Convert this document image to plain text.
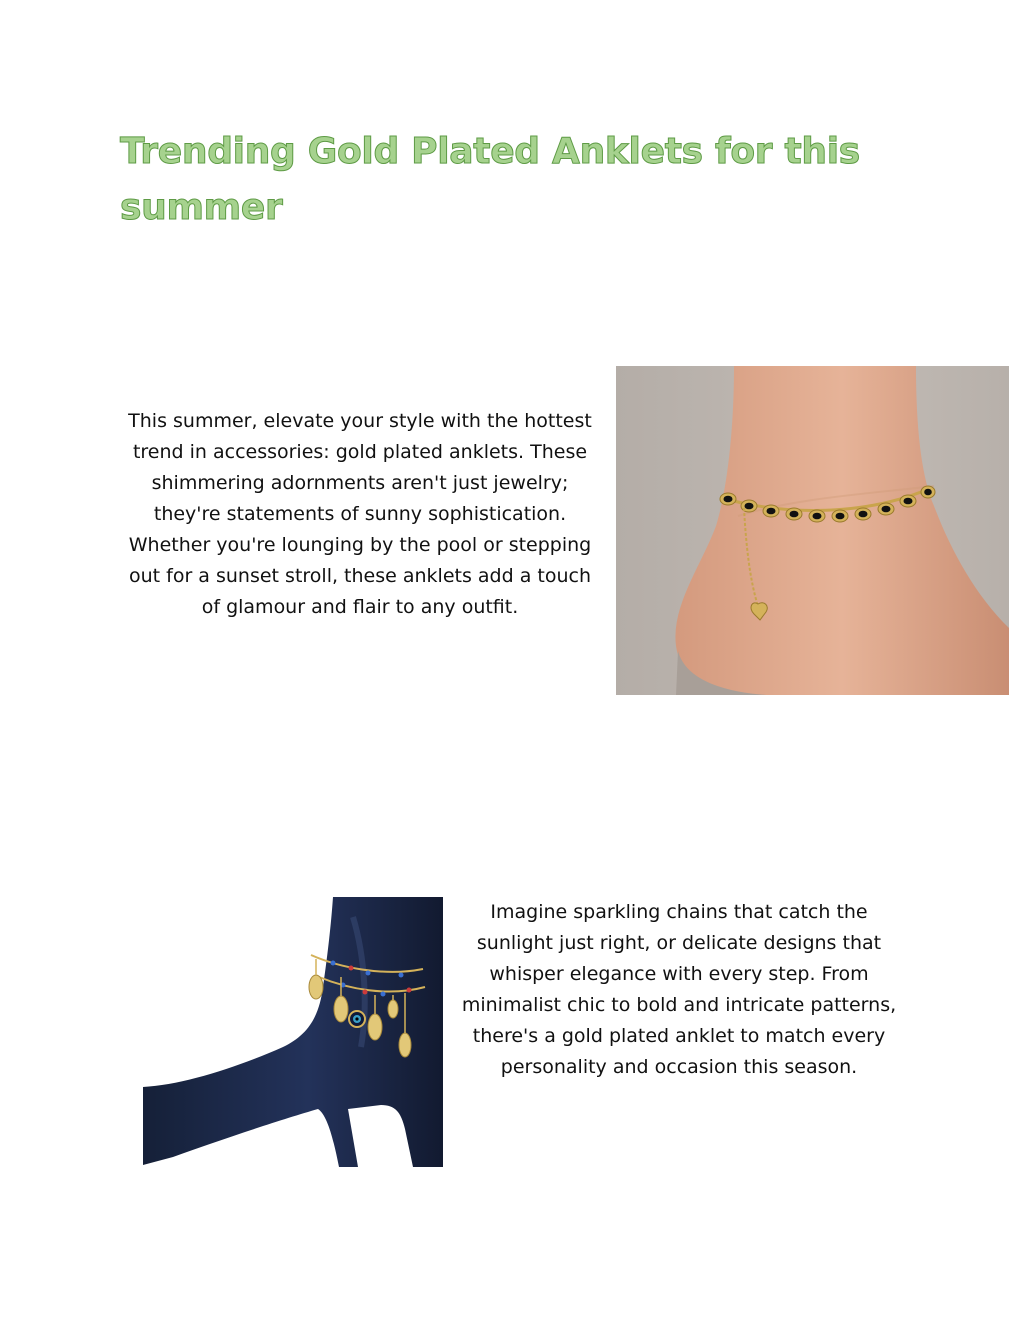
Trending Gold Plated Anklets for this summer

This summer, elevate your style with the hottest trend in accessories: gold plated anklets. These shimmering adornments aren't just jewelry; they're statements of sunny sophistication. Whether you're lounging by the pool or stepping out for a sunset stroll, these anklets add a touch of glamour and flair to any outfit.

Imagine sparkling chains that catch the sunlight just right, or delicate designs that whisper elegance with every step. From minimalist chic to bold and intricate patterns, there's a gold plated anklet to match every personality and occasion this season.
